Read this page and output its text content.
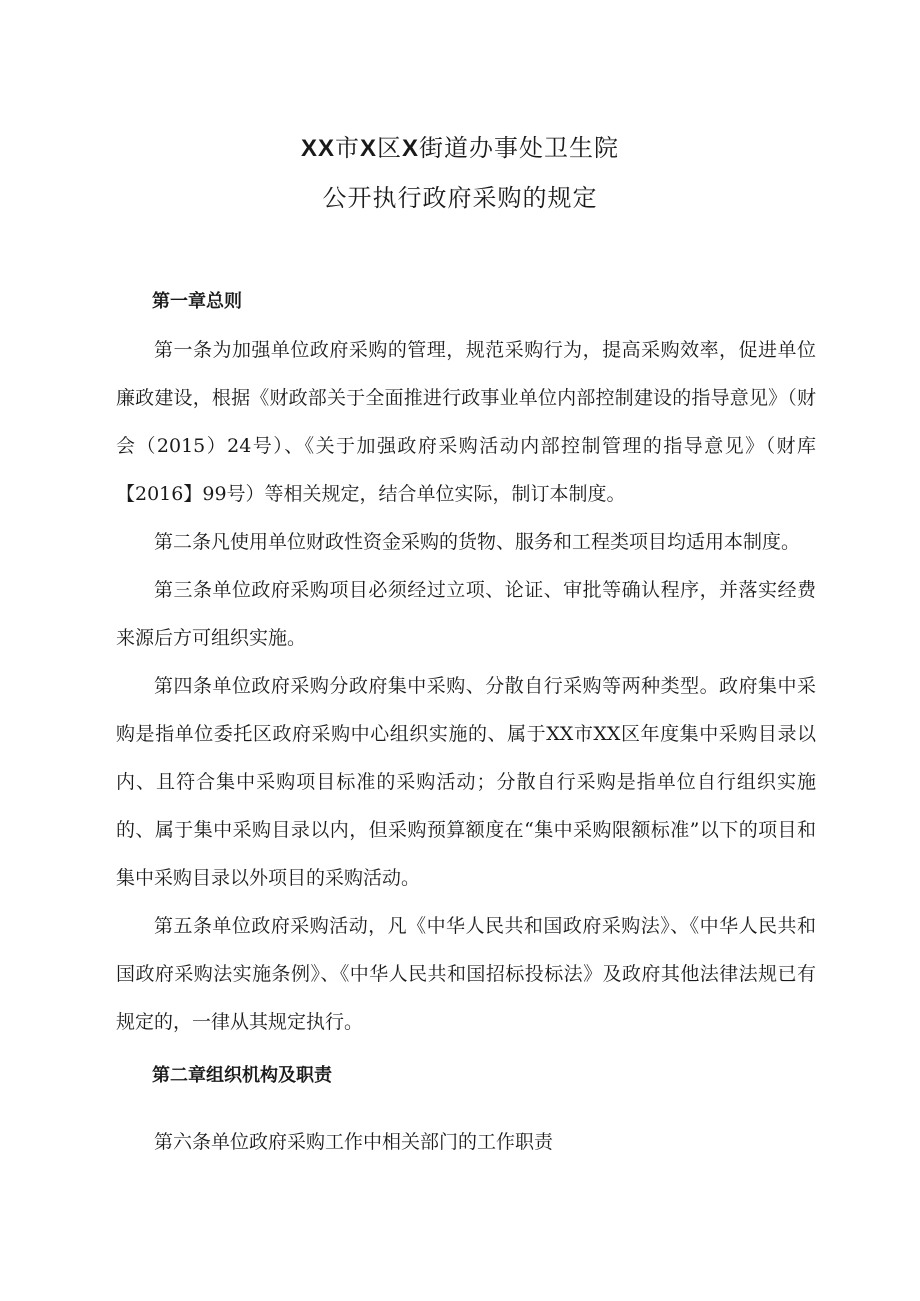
XX市X区X街道办事处卫生院
公开执行政府采购的规定

第一章总则

第一条为加强单位政府采购的管理，规范采购行为，提高采购效率，促进单位廉政建设，根据《财政部关于全面推进行政事业单位内部控制建设的指导意见》（财会（2015）24号）、《关于加强政府采购活动内部控制管理的指导意见》（财库【2016】99号）等相关规定，结合单位实际，制订本制度。

第二条凡使用单位财政性资金采购的货物、服务和工程类项目均适用本制度。

第三条单位政府采购项目必须经过立项、论证、审批等确认程序，并落实经费来源后方可组织实施。

第四条单位政府采购分政府集中采购、分散自行采购等两种类型。政府集中采购是指单位委托区政府采购中心组织实施的、属于XX市XX区年度集中采购目录以内、且符合集中采购项目标准的采购活动；分散自行采购是指单位自行组织实施的、属于集中采购目录以内，但采购预算额度在“集中采购限额标准”以下的项目和集中采购目录以外项目的采购活动。

第五条单位政府采购活动，凡《中华人民共和国政府采购法》、《中华人民共和国政府采购法实施条例》、《中华人民共和国招标投标法》及政府其他法律法规已有规定的，一律从其规定执行。

第二章组织机构及职责

第六条单位政府采购工作中相关部门的工作职责
